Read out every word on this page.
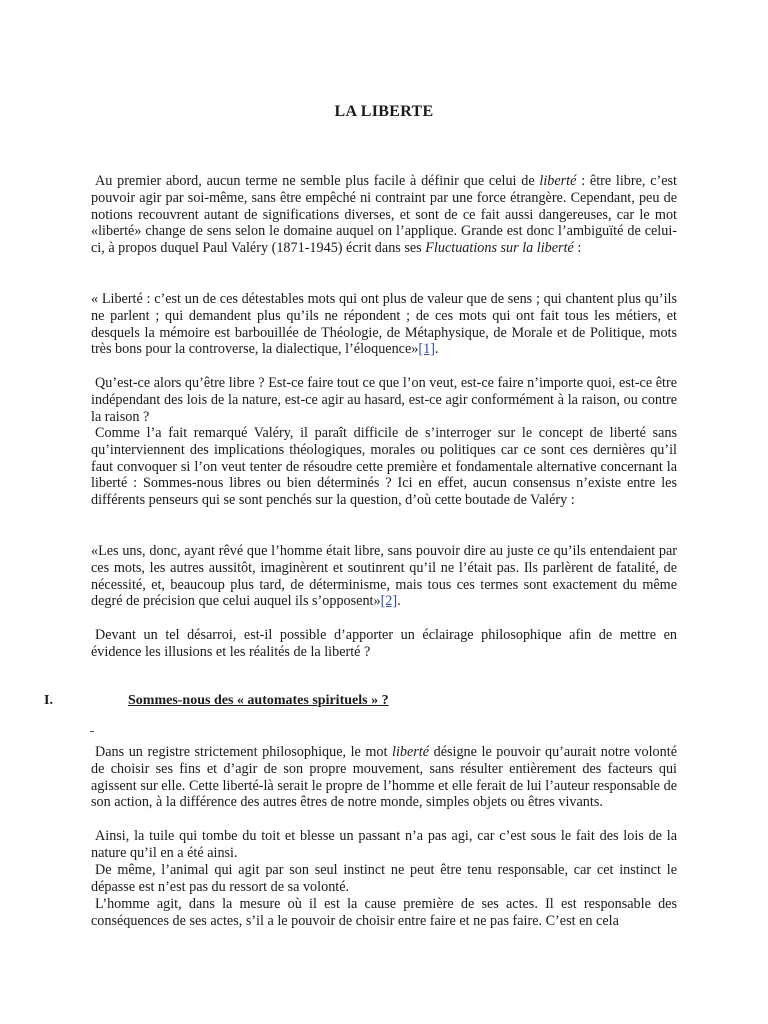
LA LIBERTE

Au premier abord, aucun terme ne semble plus facile à définir que celui de liberté : être libre, c’est pouvoir agir par soi-même, sans être empêché ni contraint par une force étrangère. Cependant, peu de notions recouvrent autant de significations diverses, et sont de ce fait aussi dangereuses, car le mot «liberté» change de sens selon le domaine auquel on l’applique. Grande est donc l’ambiguïté de celui-ci, à propos duquel Paul Valéry (1871-1945) écrit dans ses Fluctuations sur la liberté :

« Liberté : c’est un de ces détestables mots qui ont plus de valeur que de sens ; qui chantent plus qu’ils ne parlent ; qui demandent plus qu’ils ne répondent ; de ces mots qui ont fait tous les métiers, et desquels la mémoire est barbouillée de Théologie, de Métaphysique, de Morale et de Politique, mots très bons pour la controverse, la dialectique, l’éloquence»[1].

Qu’est-ce alors qu’être libre ? Est-ce faire tout ce que l’on veut, est-ce faire n’importe quoi, est-ce être indépendant des lois de la nature, est-ce agir au hasard, est-ce agir conformément à la raison, ou contre la raison ?

Comme l’a fait remarqué Valéry, il paraît difficile de s’interroger sur le concept de liberté sans qu’interviennent des implications théologiques, morales ou politiques car ce sont ces dernières qu’il faut convoquer si l’on veut tenter de résoudre cette première et fondamentale alternative concernant la liberté : Sommes-nous libres ou bien déterminés ? Ici en effet, aucun consensus n’existe entre les différents penseurs qui se sont penchés sur la question, d’où cette boutade de Valéry :

«Les uns, donc, ayant rêvé que l’homme était libre, sans pouvoir dire au juste ce qu’ils entendaient par ces mots, les autres aussitôt, imaginèrent et soutinrent qu’il ne l’était pas. Ils parlèrent de fatalité, de nécessité, et, beaucoup plus tard, de déterminisme, mais tous ces termes sont exactement du même degré de précision que celui auquel ils s’opposent»[2].

Devant un tel désarroi, est-il possible d’apporter un éclairage philosophique afin de mettre en évidence les illusions et les réalités de la liberté ?

I.	Sommes-nous des « automates spirituels » ?

Dans un registre strictement philosophique, le mot liberté désigne le pouvoir qu’aurait notre volonté de choisir ses fins et d’agir de son propre mouvement, sans résulter entièrement des facteurs qui agissent sur elle. Cette liberté-là serait le propre de l’homme et elle ferait de lui l’auteur responsable de son action, à la différence des autres êtres de notre monde, simples objets ou êtres vivants.

Ainsi, la tuile qui tombe du toit et blesse un passant n’a pas agi, car c’est sous le fait des lois de la nature qu’il en a été ainsi.

De même, l’animal qui agit par son seul instinct ne peut être tenu responsable, car cet instinct le dépasse est n’est pas du ressort de sa volonté.

L’homme agit, dans la mesure où il est la cause première de ses actes. Il est responsable des conséquences de ses actes, s’il a le pouvoir de choisir entre faire et ne pas faire. C’est en cela
